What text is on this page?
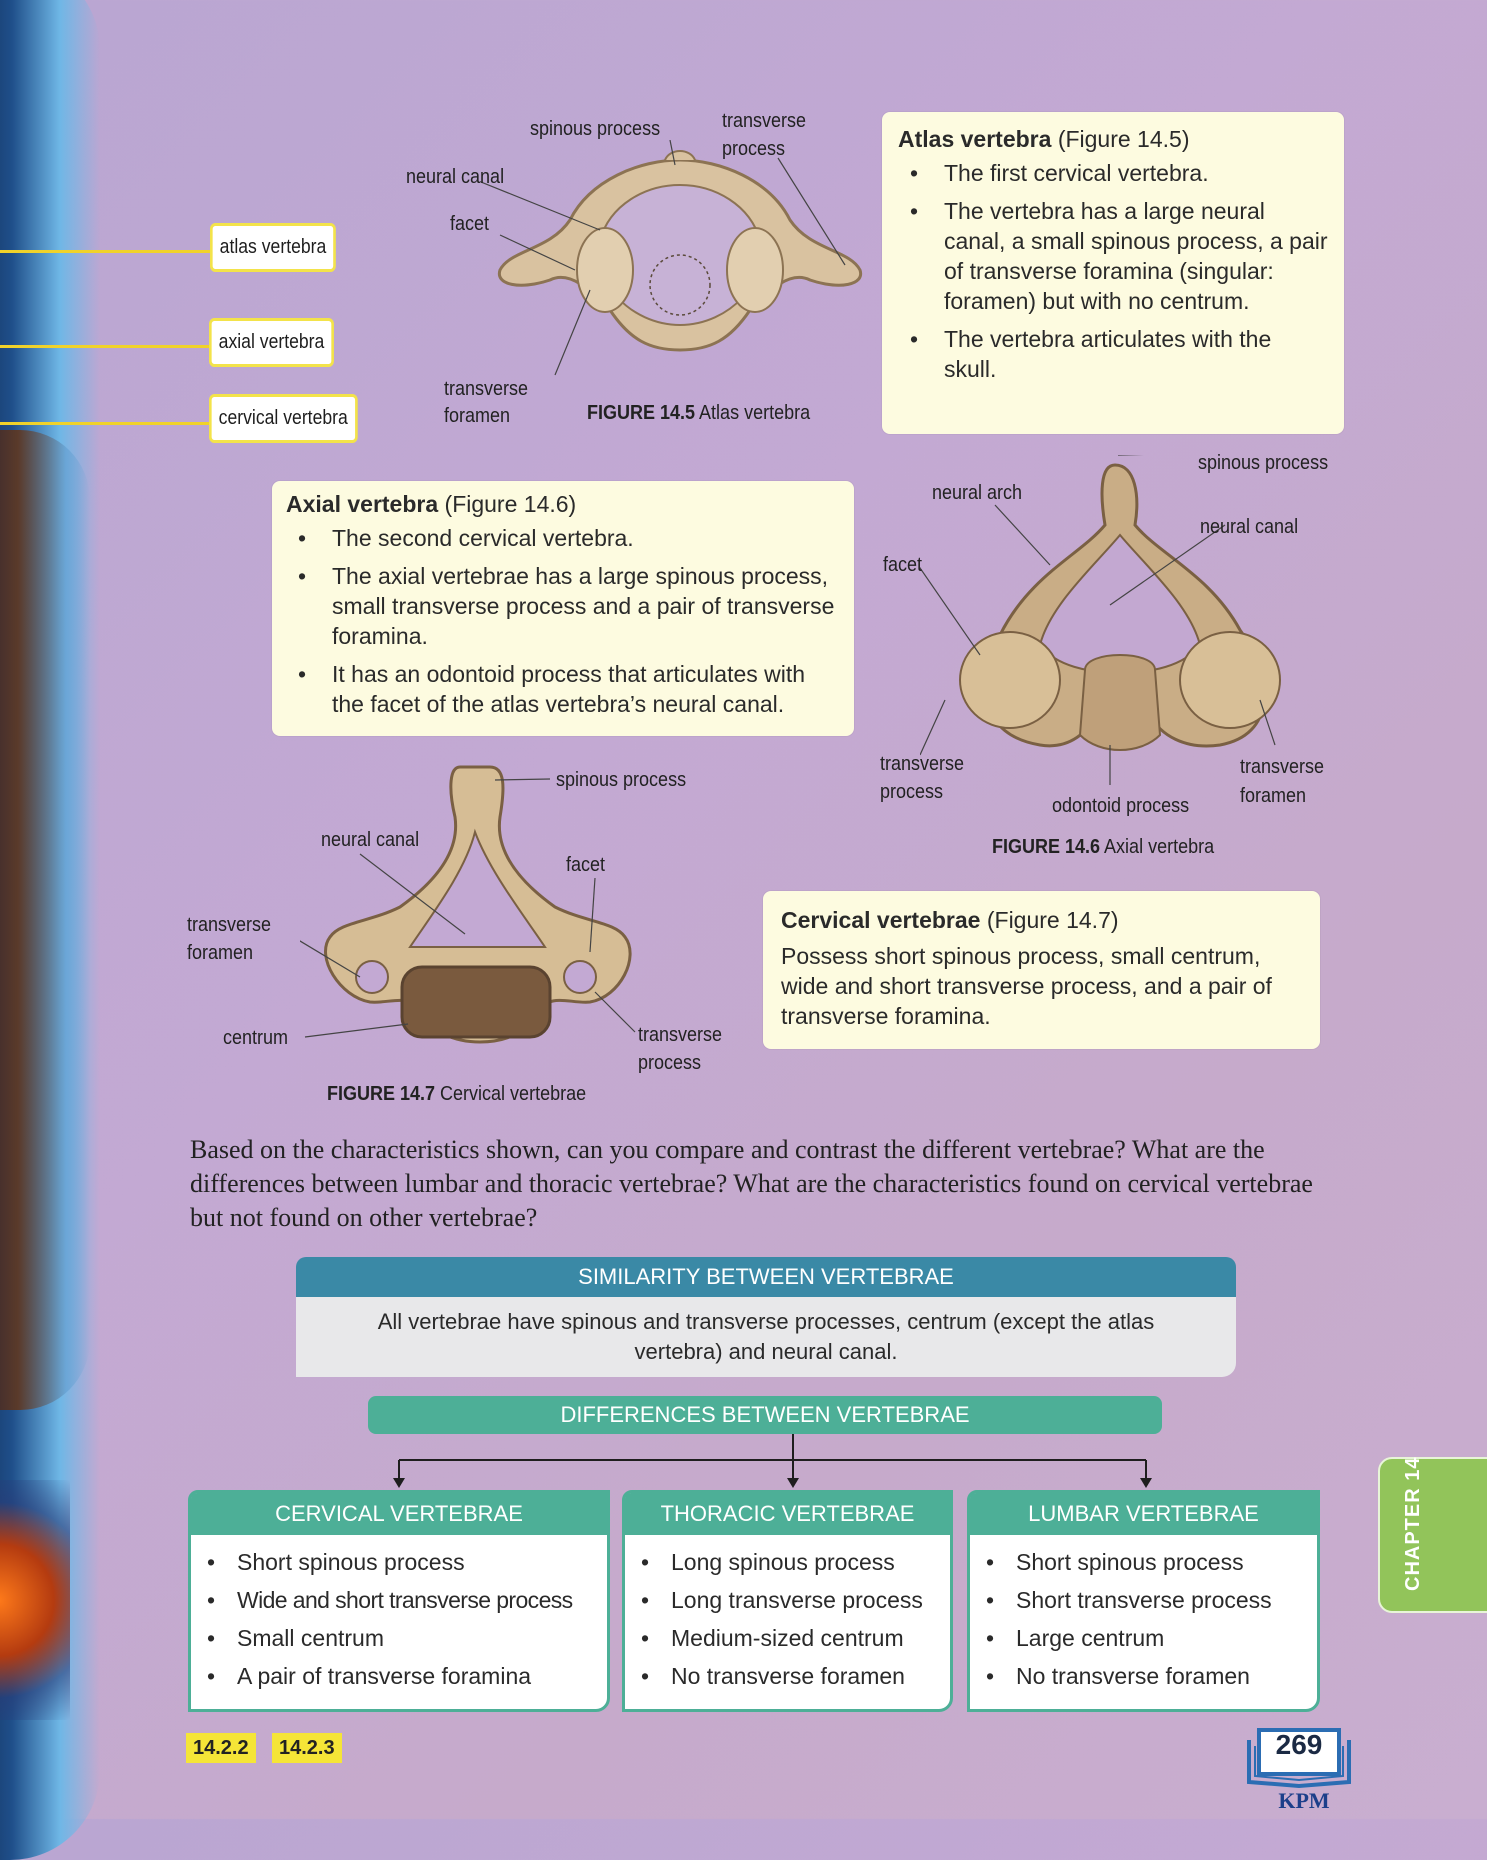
atlas vertebra
axial vertebra
cervical vertebra
spinous process	transverse
process
neural canal
facet
transverse
foramen	FIGURE 14.5 Atlas vertebra
Atlas vertebra (Figure 14.5)
• The first cervical vertebra.
• The vertebra has a large neural canal, a small spinous process, a pair of transverse foramina (singular: foramen) but with no centrum.
• The vertebra articulates with the skull.
Axial vertebra (Figure 14.6)
• The second cervical vertebra.
• The axial vertebrae has a large spinous process, small transverse process and a pair of transverse foramina.
• It has an odontoid process that articulates with the facet of the atlas vertebra’s neural canal.
spinous process
neural arch
neural canal
facet
transverse
process
odontoid process
transverse
foramen
FIGURE 14.6 Axial vertebra
spinous process
neural canal
facet
transverse
foramen
centrum	transverse
process
FIGURE 14.7 Cervical vertebrae
Cervical vertebrae (Figure 14.7)
Possess short spinous process, small centrum, wide and short transverse process, and a pair of transverse foramina.
Based on the characteristics shown, can you compare and contrast the different vertebrae? What are the differences between lumbar and thoracic vertebrae? What are the characteristics found on cervical vertebrae but not found on other vertebrae?
SIMILARITY BETWEEN VERTEBRAE
All vertebrae have spinous and transverse processes, centrum (except the atlas vertebra) and neural canal.
DIFFERENCES BETWEEN VERTEBRAE
CERVICAL VERTEBRAE
• Short spinous process
• Wide and short transverse process
• Small centrum
• A pair of transverse foramina
THORACIC VERTEBRAE
• Long spinous process
• Long transverse process
• Medium-sized centrum
• No transverse foramen
LUMBAR VERTEBRAE
• Short spinous process
• Short transverse process
• Large centrum
• No transverse foramen
14.2.2	14.2.3
CHAPTER 14
269
KPM
